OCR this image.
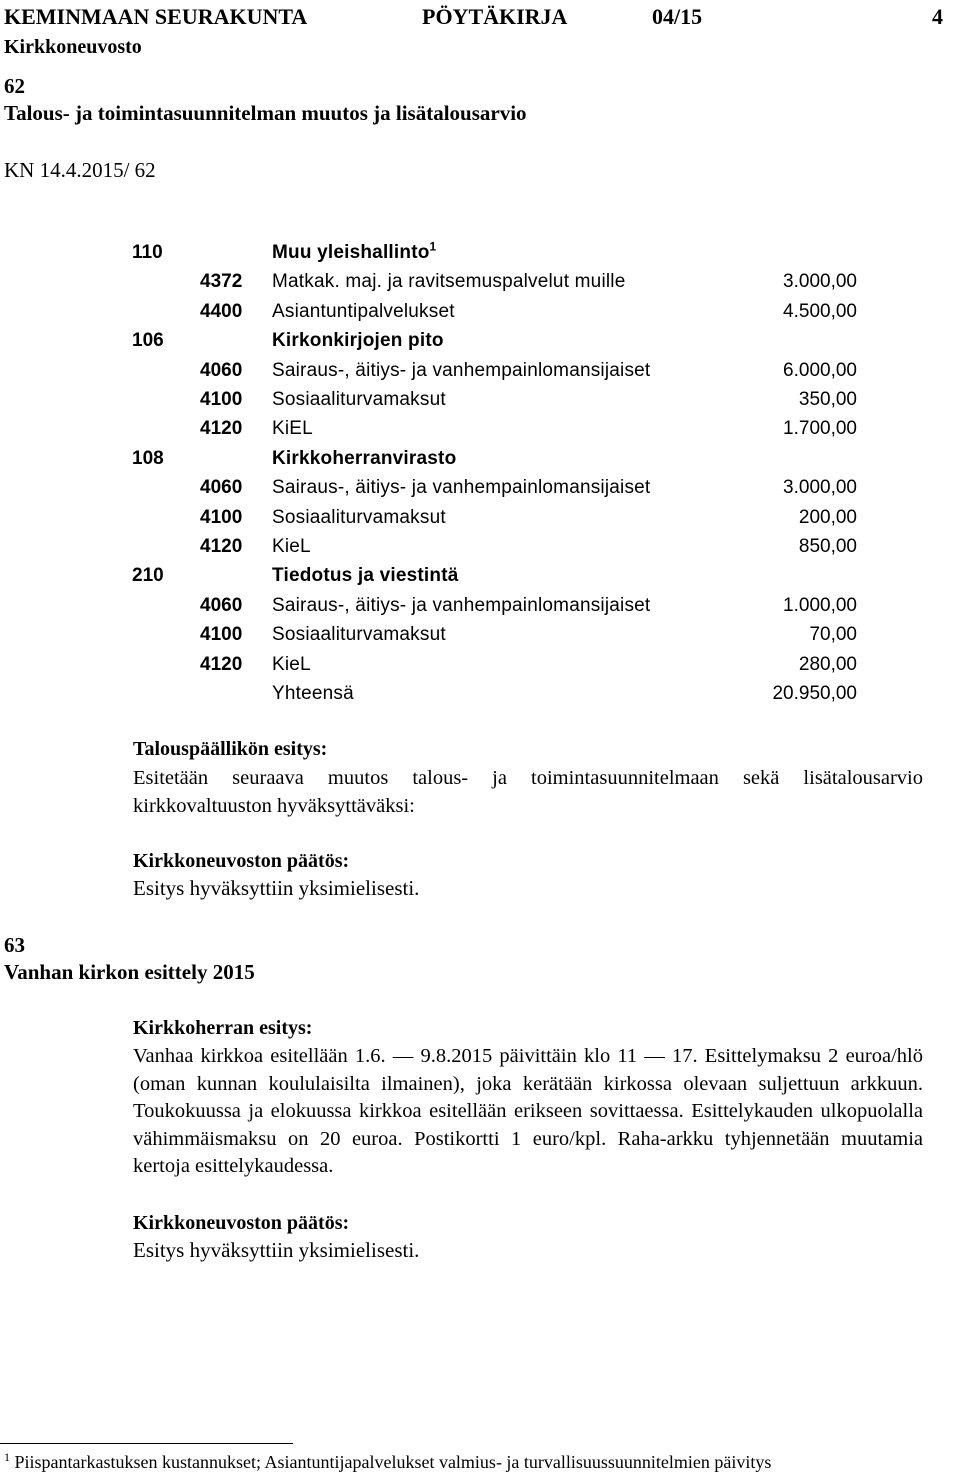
KEMINMAAN SEURAKUNTA	PÖYTÄKIRJA	04/15	4
Kirkkoneuvosto
62
Talous- ja toimintasuunnitelman muutos ja lisätalousarvio
KN 14.4.2015/ 62
110	Muu yleishallinto$^1$
4372 Matkak. maj. ja ravitsemuspalvelut muille	3.000,00
4400 Asiantuntipalvelukset	4.500,00
106	Kirkonkirjojen pito
4060 Sairaus-, äitiys- ja vanhempainlomansijaiset	6.000,00
4100 Sosiaaliturvamaksut	350,00
4120 KiEL	1.700,00
108	Kirkkoherranvirasto
4060 Sairaus-, äitiys- ja vanhempainlomansijaiset	3.000,00
4100 Sosiaaliturvamaksut	200,00
4120 KieL	850,00
210	Tiedotus ja viestintä
4060 Sairaus-, äitiys- ja vanhempainlomansijaiset	1.000,00
4100 Sosiaaliturvamaksut	70,00
4120 KieL	280,00
Yhteensä	20.950,00
Talouspäällikön esitys:
Esitetään seuraava muutos talous- ja toimintasuunnitelmaan sekä lisätalousarvio kirkkovaltuuston hyväksyttäväksi:
Kirkkoneuvoston päätös:
Esitys hyväksyttiin yksimielisesti.
63
Vanhan kirkon esittely 2015
Kirkkoherran esitys:
Vanhaa kirkkoa esitellään 1.6. — 9.8.2015 päivittäin klo 11 — 17. Esittelymaksu 2 euroa/hlö (oman kunnan koululaisilta ilmainen), joka kerätään kirkossa olevaan suljettuun arkkuun. Toukokuussa ja elokuussa kirkkoa esitellään erikseen sovittaessa. Esittelykauden ulkopuolalla vähimmäismaksu on 20 euroa. Postikortti 1 euro/kpl. Raha-arkku tyhjennetään muutamia kertoja esittelykaudessa.
Kirkkoneuvoston päätös:
Esitys hyväksyttiin yksimielisesti.
$^1$ Piispantarkastuksen kustannukset; Asiantuntijapalvelukset valmius- ja turvallisuussuunnitelmien päivitys
